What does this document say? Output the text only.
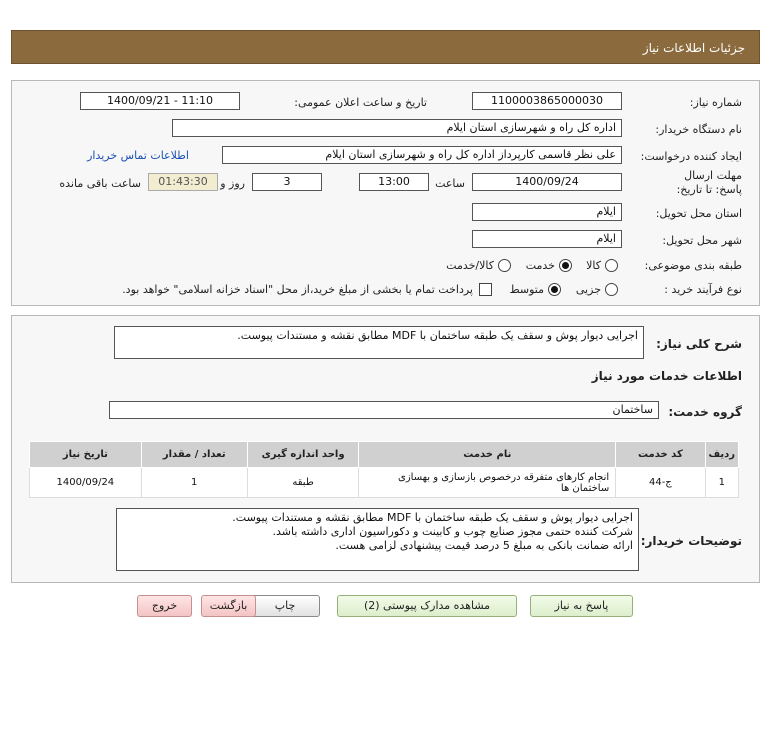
جزئیات اطلاعات نیاز
شماره نیاز:
1100003865000030
تاریخ و ساعت اعلان عمومی:
1400/09/21 - 11:10
نام دستگاه خریدار:
اداره کل راه و شهرسازی استان ایلام
ایجاد کننده درخواست:
علی نظر قاسمی کارپرداز اداره کل راه و شهرسازی استان ایلام
اطلاعات تماس خریدار
مهلت ارسال پاسخ: تا تاریخ:
1400/09/24
ساعت
13:00
3
روز و
01:43:30
ساعت باقی مانده
استان محل تحویل:
ایلام
شهر محل تحویل:
ایلام
طبقه بندی موضوعی:
کالا
خدمت
کالا/خدمت
نوع فرآیند خرید :
جزیی
متوسط
پرداخت تمام یا بخشی از مبلغ خرید،از محل "اسناد خزانه اسلامی" خواهد بود.
شرح کلی نیاز:
اجرایی دیوار پوش و سقف یک طبقه ساختمان با MDF مطابق نقشه و مستندات پیوست.
اطلاعات خدمات مورد نیاز
گروه خدمت:
ساختمان
ردیف	کد خدمت	نام خدمت	واحد اندازه گیری	تعداد / مقدار	تاریخ نیاز
1	ج-44	انجام کارهای متفرقه درخصوص بازسازی و بهسازی ساختمان ها	طبقه	1	1400/09/24
توضیحات خریدار:
اجرایی دیوار پوش و سقف یک طبقه ساختمان با MDF مطابق نقشه و مستندات پیوست.
شرکت کننده حتمی مجوز صنایع چوب و کابینت و دکوراسیون اداری داشته باشد.
ارائه ضمانت بانکی به مبلغ 5 درصد قیمت پیشنهادی لزامی هست.
پاسخ به نیاز
مشاهده مدارک پیوستی (2)
چاپ
بازگشت
خروج
